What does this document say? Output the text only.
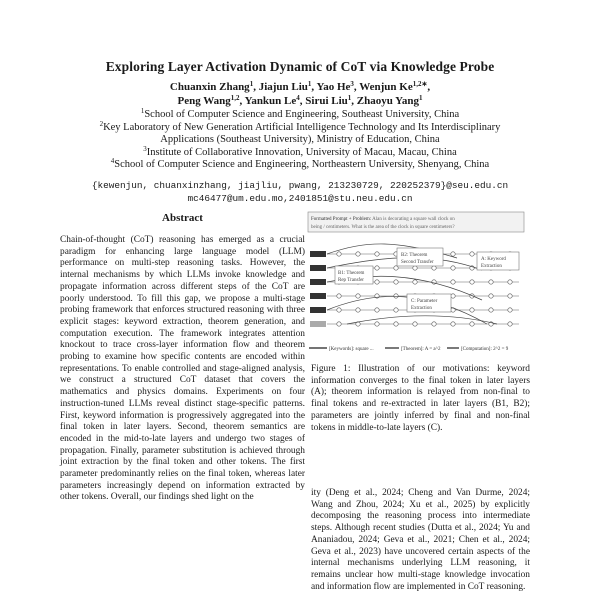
Exploring Layer Activation Dynamic of CoT via Knowledge Probe
Chuanxin Zhang$^1$, Jiajun Liu$^1$, Yao He$^3$, Wenjun $Ke^{1,2∗}$,
Peng Wang$^{1,2}$, Yankun Le$^4$, Sirui Liu$^1$, Zhaoyu Yang$^1$
$^1$School of Computer Science and Engineering, Southeast University, China
$^2$Key Laboratory of New Generation Artificial Intelligence Technology and Its Interdisciplinary
Applications (Southeast University), Ministry of Education, China
$^3$Institute of Collaborative Innovation, University of Macau, Macau, China
$^4$School of Computer Science and Engineering, Northeastern University, Shenyang, China
{kewenjun, chuanxinzhang, jiajliu, pwang, 213230729, 220252379}@seu.edu.cn
mc46477@um.edu.mo,2401851@stu.neu.edu.cn
Abstract

Chain-of-thought (CoT) reasoning has emerged as a crucial paradigm for enhancing large language model (LLM) performance on multi-step reasoning tasks. However, the internal mechanisms by which LLMs invoke knowledge and propagate information across different steps of the CoT are poorly understood. To fill this gap, we propose a multi-stage probing framework that enforces structured reasoning with three explicit stages: keyword extraction, theorem generation, and computation execution. The framework integrates attention knockout to trace cross-layer information flow and theorem probing to examine how specific contents are encoded within representations. To enable controlled and stage-aligned analysis, we construct a structured CoT dataset that covers the mathematics and physics domains. Experiments on four instruction-tuned LLMs reveal distinct stage-specific patterns. First, keyword information is progressively aggregated into the final token in later layers. Second, theorem semantics are encoded in the mid-to-late layers and undergo two stages of propagation. Finally, parameter substitution is achieved through joint extraction by the final token and other tokens. The first parameter predominantly relies on the final token, whereas later parameters increasingly depend on information extracted by other tokens. Overall, our findings shed light on the

Formatted Prompt + Problem: Alan is decorating a square wall clock on
being / centimeters. What is the area of the clock in square centimeters?
B1: Theorem
Rep Transfer
B2: Theorem
Second Transfer
A: Keyword
Extraction
C: Parameter
Extraction
[Keywords]: square ...	[Theorem]: A = a^2	[Computation]: 2^2 = 9

Figure 1: Illustration of our motivations: keyword information converges to the final token in later layers (A); theorem information is relayed from non-final to final tokens and re-extracted in later layers (B1, B2); parameters are jointly inferred by final and non-final tokens in middle-to-late layers (C).

ity (Deng et al., 2024; Cheng and Van Durme, 2024; Wang and Zhou, 2024; Xu et al., 2025) by explicitly decomposing the reasoning process into intermediate steps. Although recent studies (Dutta et al., 2024; Yu and Ananiadou, 2024; Geva et al., 2021; Chen et al., 2024; Geva et al., 2023) have uncovered certain aspects of the internal mechanisms underlying LLM reasoning, it remains unclear how multi-stage knowledge invocation and information flow are implemented in CoT reasoning.
